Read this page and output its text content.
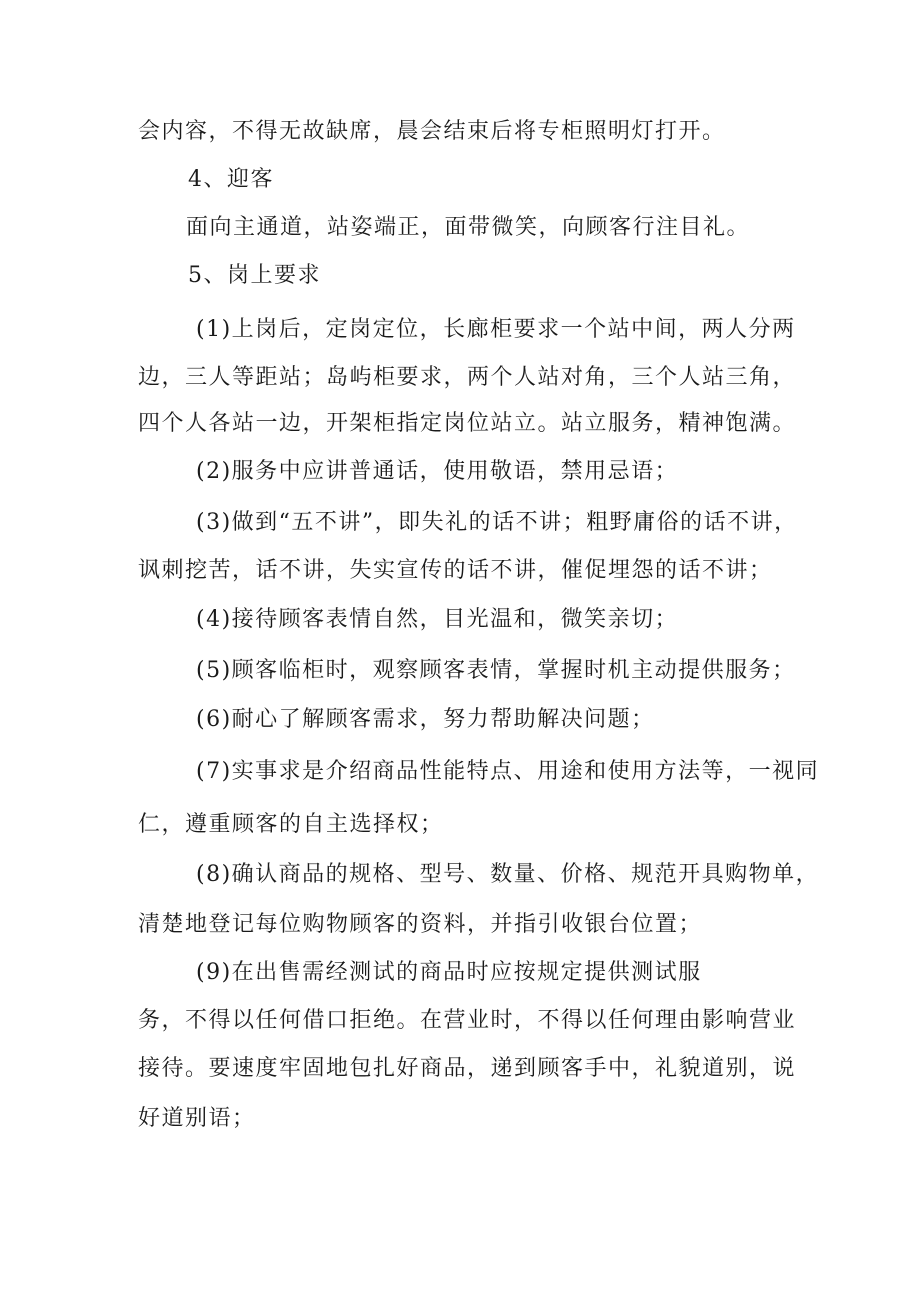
会内容，不得无故缺席，晨会结束后将专柜照明灯打开。
4、迎客
面向主通道，站姿端正，面带微笑，向顾客行注目礼。
5、岗上要求
(1)上岗后，定岗定位，长廊柜要求一个站中间，两人分两
边，三人等距站；岛屿柜要求，两个人站对角，三个人站三角，
四个人各站一边，开架柜指定岗位站立。站立服务，精神饱满。
(2)服务中应讲普通话，使用敬语，禁用忌语；
(3)做到“五不讲”，即失礼的话不讲；粗野庸俗的话不讲，
讽刺挖苦，话不讲，失实宣传的话不讲，催促埋怨的话不讲；
(4)接待顾客表情自然，目光温和，微笑亲切；
(5)顾客临柜时，观察顾客表情，掌握时机主动提供服务；
(6)耐心了解顾客需求，努力帮助解决问题；
(7)实事求是介绍商品性能特点、用途和使用方法等，一视同
仁，遵重顾客的自主选择权；
(8)确认商品的规格、型号、数量、价格、规范开具购物单，
清楚地登记每位购物顾客的资料，并指引收银台位置；
(9)在出售需经测试的商品时应按规定提供测试服
务，不得以任何借口拒绝。在营业时，不得以任何理由影响营业
接待。要速度牢固地包扎好商品，递到顾客手中，礼貌道别，说
好道别语；
